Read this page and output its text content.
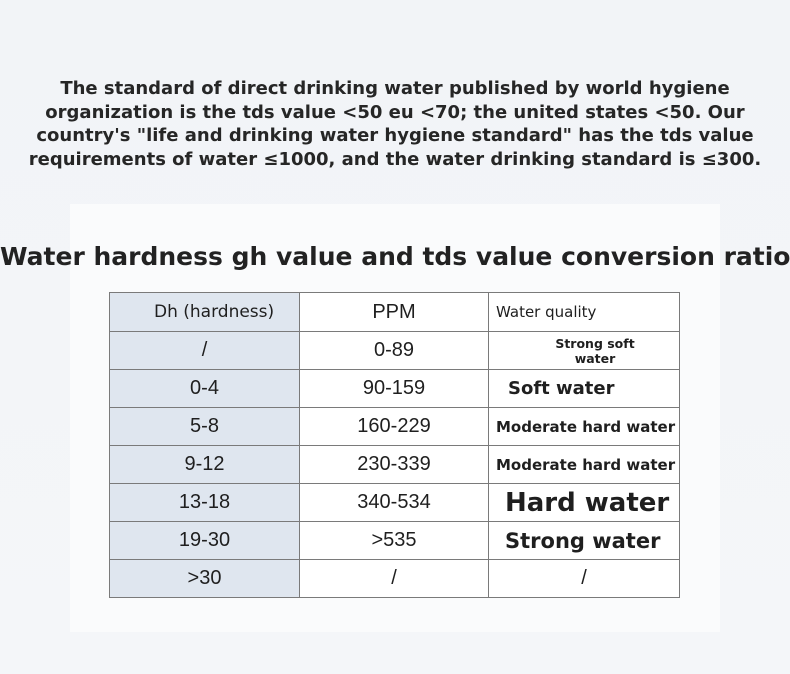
The standard of direct drinking water published by world hygiene
organization is the tds value <50 eu <70; the united states <50. Our
country's "life and drinking water hygiene standard" has the tds value
requirements of water ≤1000, and the water drinking standard is ≤300.
Water hardness gh value and tds value conversion ratio
Dh (hardness)	PPM	Water quality
/	0-89	Strong soft water

0-4	90-159	Soft water
5-8	160-229	Moderate hard water
9-12	230-339	Moderate hard water
13-18	340-534	Hard water
19-30	>535	Strong water
>30	/	/
